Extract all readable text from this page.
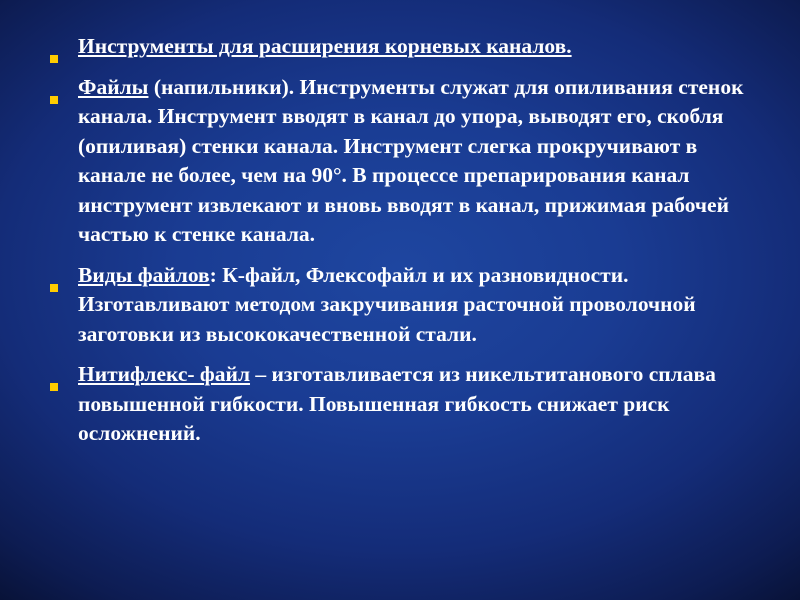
Инструменты для расширения корневых каналов.
Файлы (напильники). Инструменты служат для опиливания стенок канала. Инструмент вводят в канал до упора, выводят его, скобля (опиливая) стенки канала. Инструмент слегка прокручивают в канале не более, чем на 90°. В процессе препарирования канал инструмент извлекают и вновь вводят в канал, прижимая рабочей частью к стенке канала.
Виды файлов: К-файл, Флексофайл и их разновидности. Изготавливают методом закручивания расточной проволочной заготовки из высококачественной стали.
Нитифлекс- файл – изготавливается из никельтитанового сплава повышенной гибкости. Повышенная гибкость снижает риск осложнений.
